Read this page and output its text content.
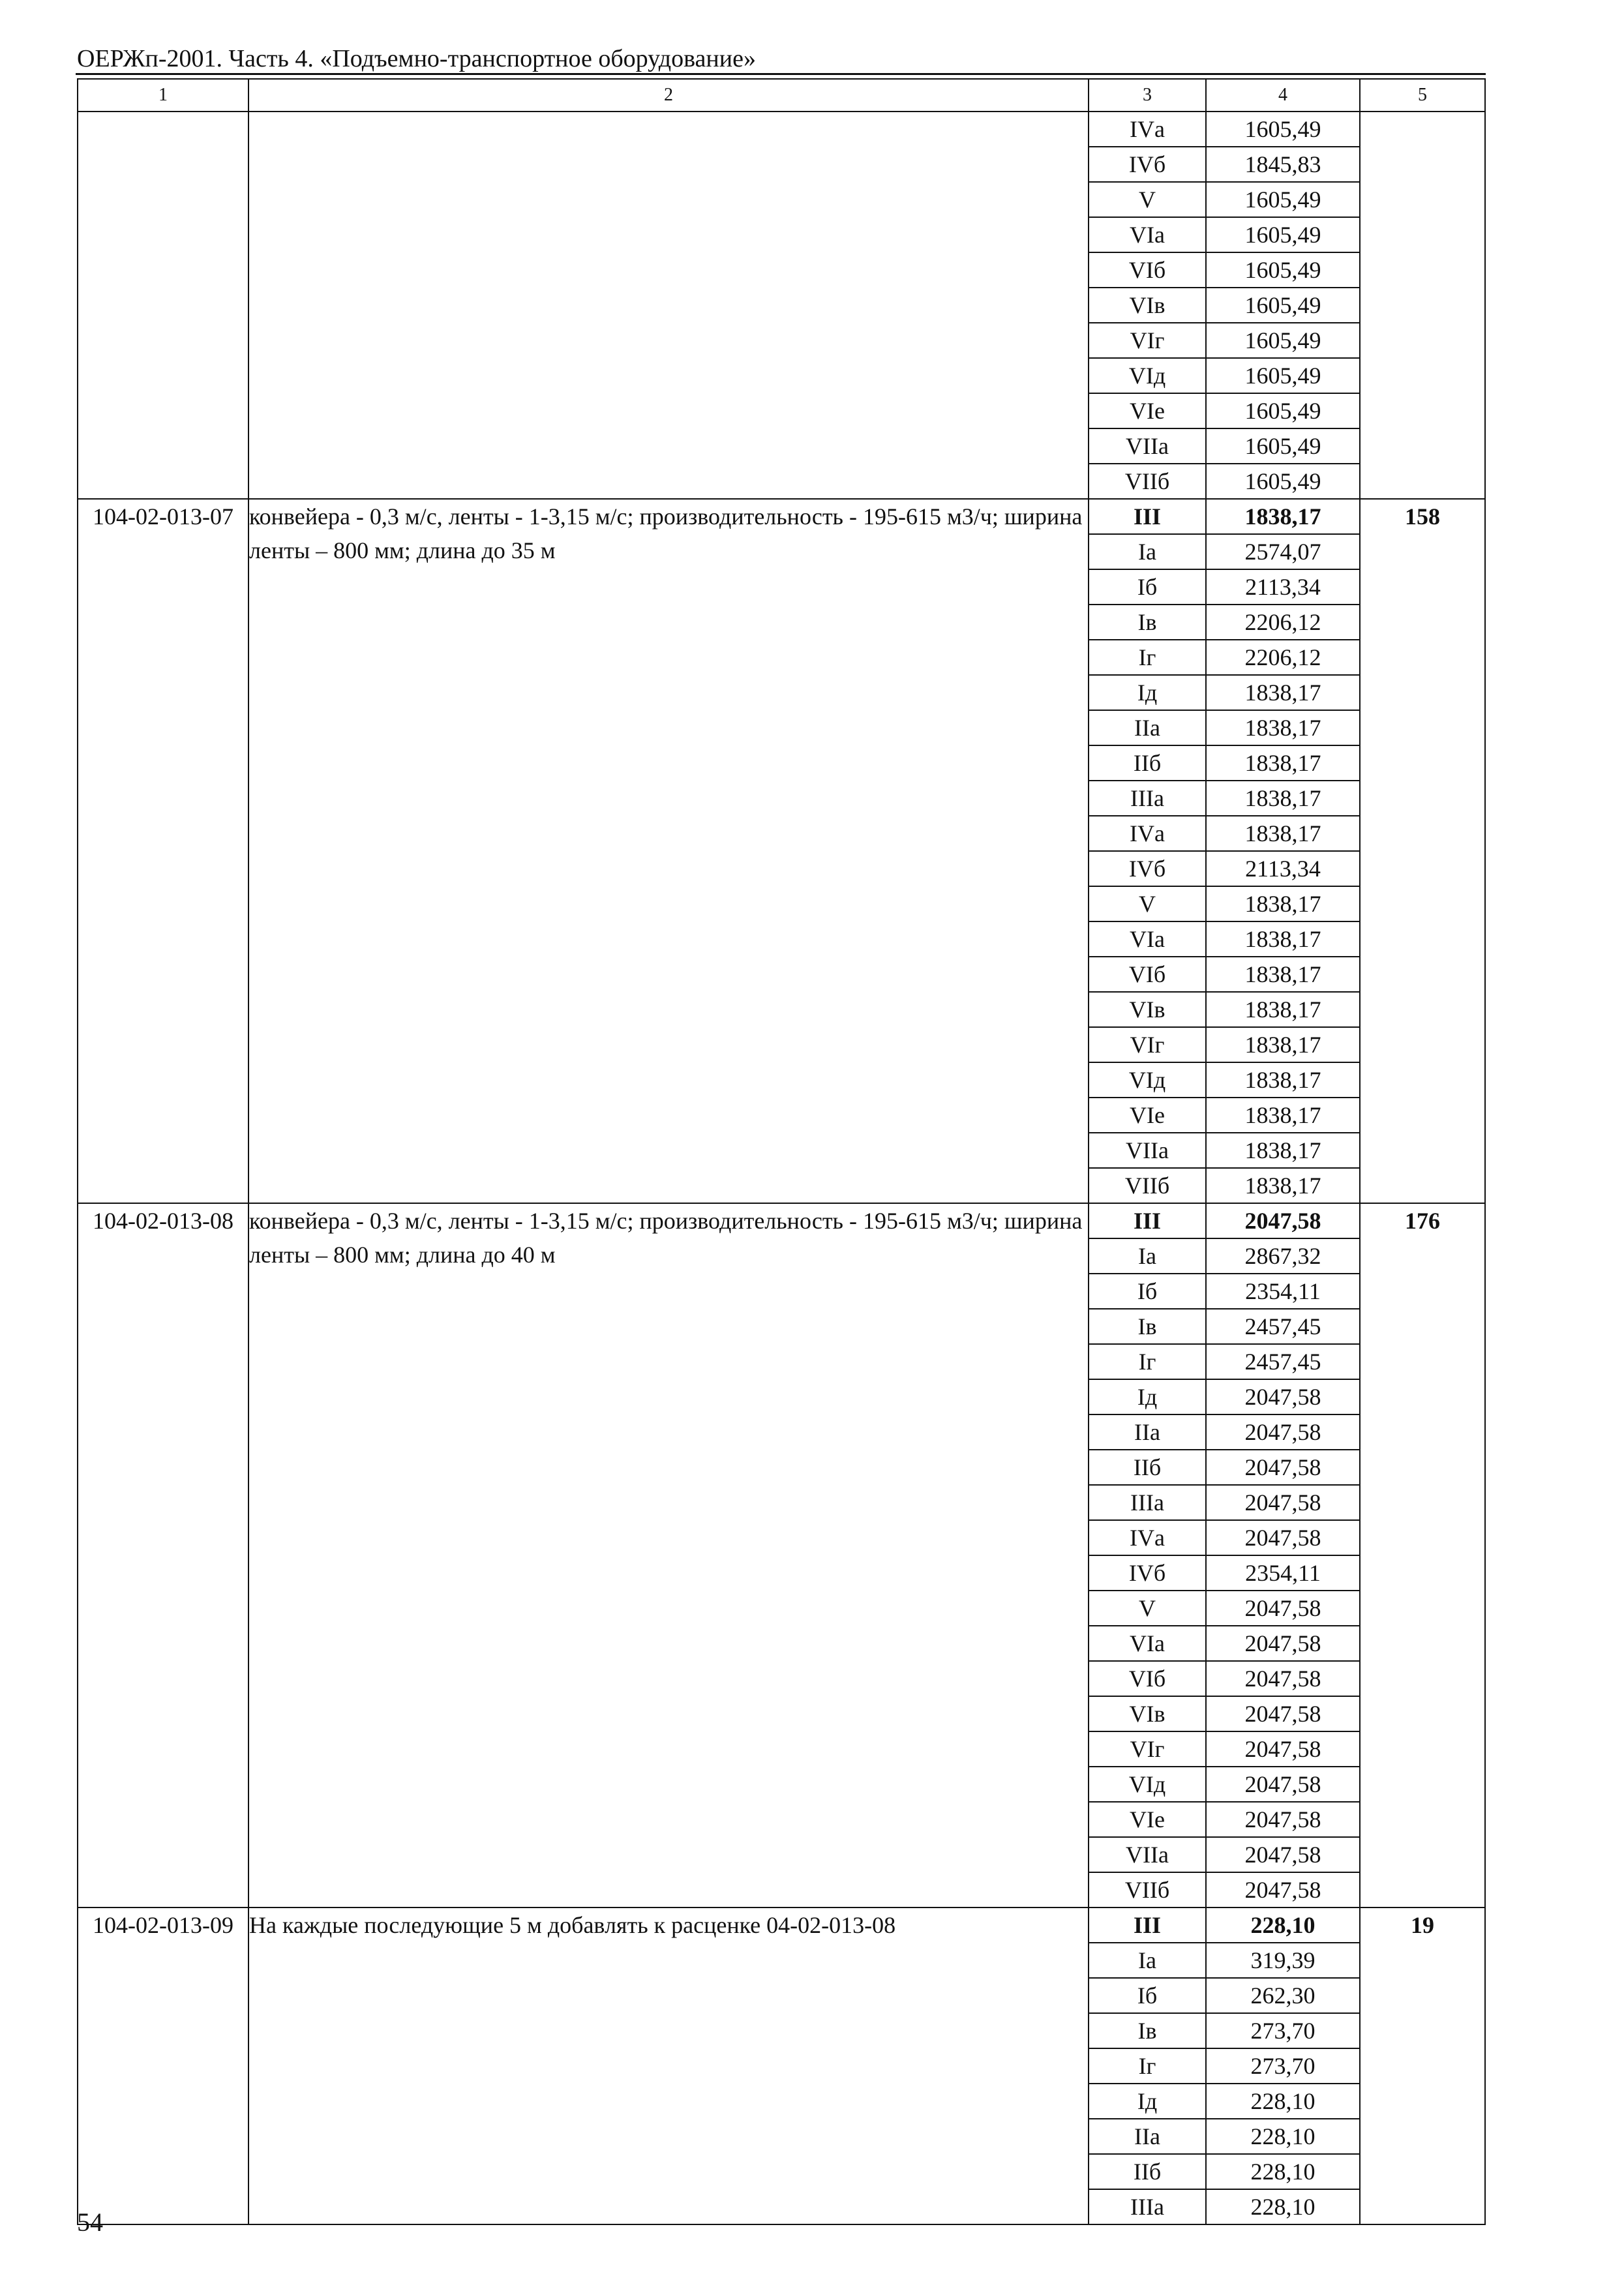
ОЕРЖп-2001. Часть 4. «Подъемно-транспортное оборудование»
1	2	3	4	5
		IVа	1605,49	
		IVб	1845,83	
		V	1605,49	
		VIа	1605,49	
		VIб	1605,49	
		VIв	1605,49	
		VIг	1605,49	
		VIд	1605,49	
		VIе	1605,49	
		VIIа	1605,49	
		VIIб	1605,49	
104-02-013-07	конвейера - 0,3 м/с, ленты - 1-3,15 м/с; производительность - 195-615 м3/ч; ширина ленты – 800 мм; длина до 35 м	III	1838,17	158
		Iа	2574,07	
		Iб	2113,34	
		Iв	2206,12	
		Iг	2206,12	
		Iд	1838,17	
		IIа	1838,17	
		IIб	1838,17	
		IIIа	1838,17	
		IVа	1838,17	
		IVб	2113,34	
		V	1838,17	
		VIа	1838,17	
		VIб	1838,17	
		VIв	1838,17	
		VIг	1838,17	
		VIд	1838,17	
		VIе	1838,17	
		VIIа	1838,17	
		VIIб	1838,17	
104-02-013-08	конвейера - 0,3 м/с, ленты - 1-3,15 м/с; производительность - 195-615 м3/ч; ширина ленты – 800 мм; длина до 40 м	III	2047,58	176
		Iа	2867,32	
		Iб	2354,11	
		Iв	2457,45	
		Iг	2457,45	
		Iд	2047,58	
		IIа	2047,58	
		IIб	2047,58	
		IIIа	2047,58	
		IVа	2047,58	
		IVб	2354,11	
		V	2047,58	
		VIа	2047,58	
		VIб	2047,58	
		VIв	2047,58	
		VIг	2047,58	
		VIд	2047,58	
		VIе	2047,58	
		VIIа	2047,58	
		VIIб	2047,58	
104-02-013-09	На каждые последующие 5 м добавлять к расценке 04-02-013-08	III	228,10	19
		Iа	319,39	
		Iб	262,30	
		Iв	273,70	
		Iг	273,70	
		Iд	228,10	
		IIа	228,10	
		IIб	228,10	
		IIIа	228,10	
54
